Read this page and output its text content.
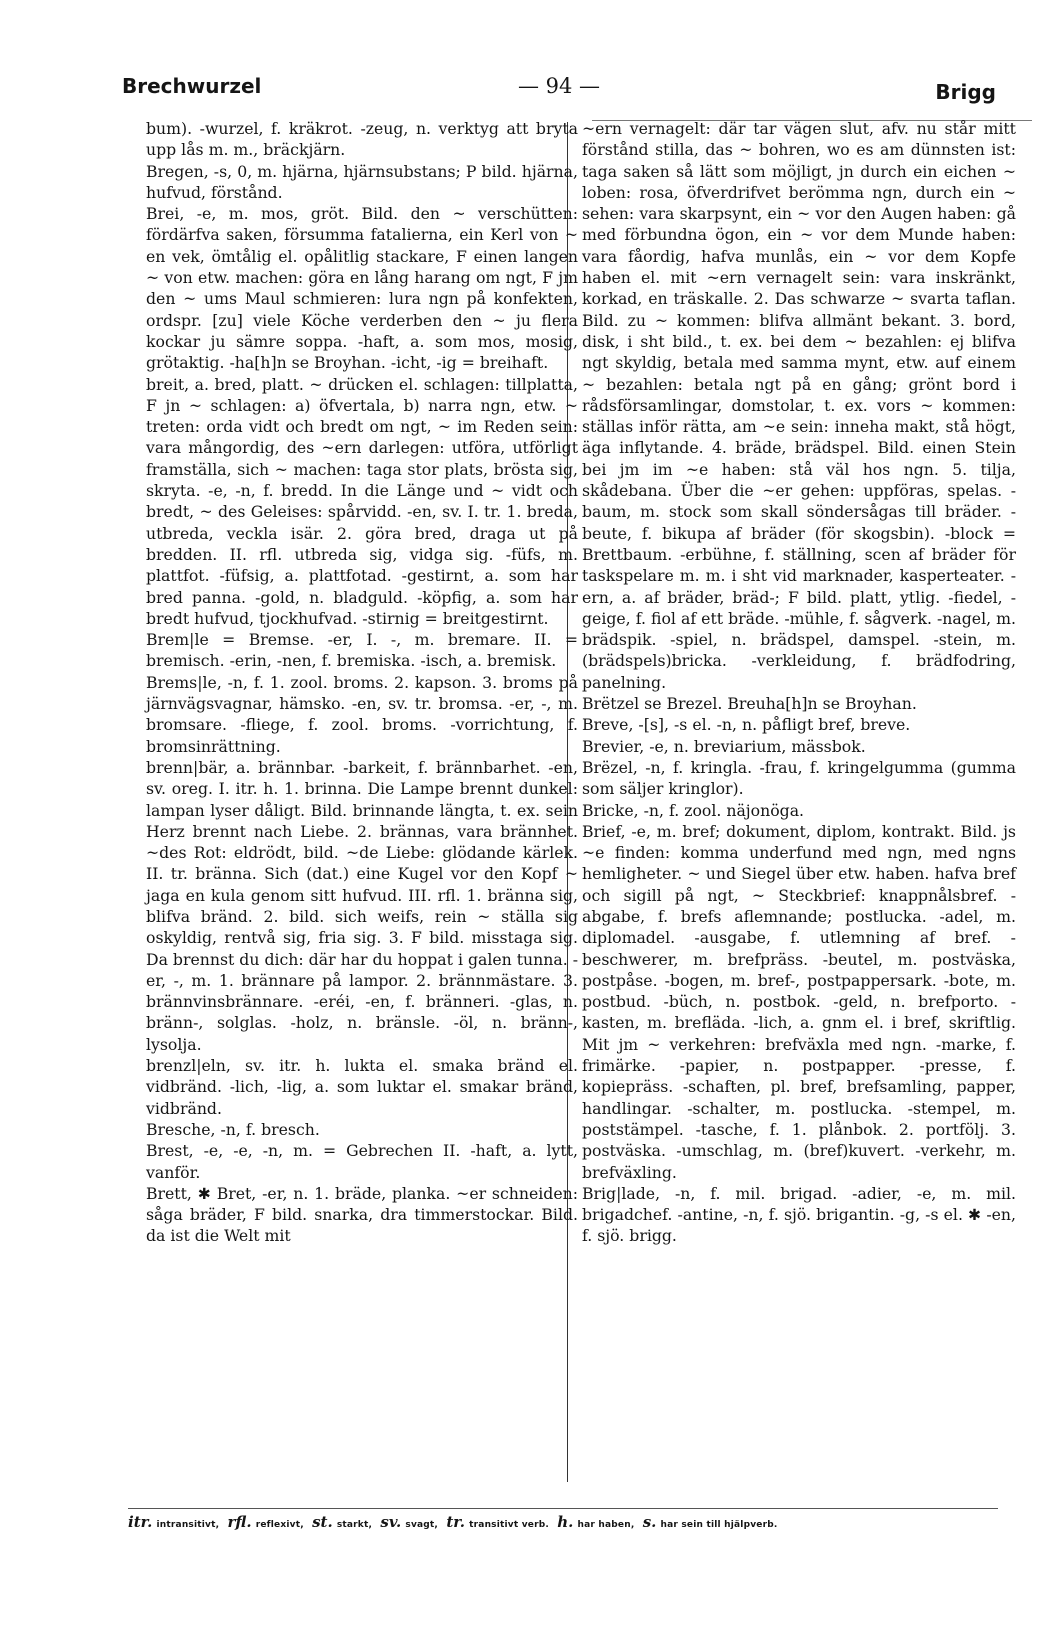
Brechwurzel	— 94 —	Brigg

bum). -wurzel, f. kräkrot. -zeug, n. verktyg att bryta upp lås m. m., bräckjärn.

Bregen, -s, 0, m. hjärna, hjärnsubstans; P bild. hjärna, hufvud, förstånd.

Brei, -e, m. mos, gröt. Bild. den ~ verschütten: fördärfva saken, försumma fatalierna, ein Kerl von ~ en vek, ömtålig el. opålitlig stackare, F einen langen ~ von etw. machen: göra en lång harang om ngt, F jm den ~ ums Maul schmieren: lura ngn på konfekten, ordspr. [zu] viele Köche verderben den ~ ju flera kockar ju sämre soppa. -haft, a. som mos, mosig, grötaktig. -ha[h]n se Broyhan. -icht, -ig = breihaft.

breit, a. bred, platt. ~ drücken el. schlagen: tillplatta, F jn ~ schlagen: a) öfvertala, b) narra ngn, etw. ~ treten: orda vidt och bredt om ngt, ~ im Reden sein: vara mångordig, des ~ern darlegen: utföra, utförligt framställa, sich ~ machen: taga stor plats, brösta sig, skryta. -e, -n, f. bredd. In die Länge und ~ vidt och bredt, ~ des Geleises: spårvidd. -en, sv. I. tr. 1. breda, utbreda, veckla isär. 2. göra bred, draga ut på bredden. II. rfl. utbreda sig, vidga sig. -füfs, m. plattfot. -füfsig, a. plattfotad. -gestirnt, a. som har bred panna. -gold, n. bladguld. -köpfig, a. som har bredt hufvud, tjockhufvad. -stirnig = breitgestirnt.

Brem|le = Bremse. -er, I. -, m. bremare. II. = bremisch. -erin, -nen, f. bremiska. -isch, a. bremisk.

Brems|le, -n, f. 1. zool. broms. 2. kapson. 3. broms på järnvägsvagnar, hämsko. -en, sv. tr. bromsa. -er, -, m. bromsare. -fliege, f. zool. broms. -vorrichtung, f. bromsinrättning.

brenn|bär, a. brännbar. -barkeit, f. brännbarhet. -en, sv. oreg. I. itr. h. 1. brinna. Die Lampe brennt dunkel: lampan lyser dåligt. Bild. brinnande längta, t. ex. sein Herz brennt nach Liebe. 2. brännas, vara brännhet. ~des Rot: eldrödt, bild. ~de Liebe: glödande kärlek. II. tr. bränna. Sich (dat.) eine Kugel vor den Kopf ~ jaga en kula genom sitt hufvud. III. rfl. 1. bränna sig, blifva bränd. 2. bild. sich weifs, rein ~ ställa sig oskyldig, rentvå sig, fria sig. 3. F bild. misstaga sig. Da brennst du dich: där har du hoppat i galen tunna. -er, -, m. 1. brännare på lampor. 2. brännmästare. 3. brännvinsbrännare. -eréi, -en, f. bränneri. -glas, n. bränn-, solglas. -holz, n. bränsle. -öl, n. bränn-, lysolja.

brenzl|eln, sv. itr. h. lukta el. smaka bränd el. vidbränd. -lich, -lig, a. som luktar el. smakar bränd, vidbränd.

Bresche, -n, f. bresch.

Brest, -e, -e, -n, m. = Gebrechen II. -haft, a. lytt, vanför.

Brett, ✱ Bret, -er, n. 1. bräde, planka. ~er schneiden: såga bräder, F bild. snarka, dra timmerstockar. Bild. da ist die Welt mit

~ern vernagelt: där tar vägen slut, afv. nu står mitt förstånd stilla, das ~ bohren, wo es am dünnsten ist: taga saken så lätt som möjligt, jn durch ein eichen ~ loben: rosa, öfverdrifvet berömma ngn, durch ein ~ sehen: vara skarpsynt, ein ~ vor den Augen haben: gå med förbundna ögon, ein ~ vor dem Munde haben: vara fåordig, hafva munlås, ein ~ vor dem Kopfe haben el. mit ~ern vernagelt sein: vara inskränkt, korkad, en träskalle. 2. Das schwarze ~ svarta taflan. Bild. zu ~ kommen: blifva allmänt bekant. 3. bord, disk, i sht bild., t. ex. bei dem ~ bezahlen: ej blifva ngt skyldig, betala med samma mynt, etw. auf einem ~ bezahlen: betala ngt på en gång; grönt bord i rådsförsamlingar, domstolar, t. ex. vors ~ kommen: ställas inför rätta, am ~e sein: inneha makt, stå högt, äga inflytande. 4. bräde, brädspel. Bild. einen Stein bei jm im ~e haben: stå väl hos ngn. 5. tilja, skådebana. Über die ~er gehen: uppföras, spelas. -baum, m. stock som skall söndersågas till bräder. -beute, f. bikupa af bräder (för skogsbin). -block = Brettbaum. -erbühne, f. ställning, scen af bräder för taskspelare m. m. i sht vid marknader, kasperteater. -ern, a. af bräder, bräd-; F bild. platt, ytlig. -fiedel, -geige, f. fiol af ett bräde. -mühle, f. sågverk. -nagel, m. brädspik. -spiel, n. brädspel, damspel. -stein, m. (brädspels)bricka. -verkleidung, f. brädfodring, panelning.

Brëtzel se Brezel. Breuha[h]n se Broyhan.

Breve, -[s], -s el. -n, n. påfligt bref, breve.

Brevier, -e, n. breviarium, mässbok.

Brëzel, -n, f. kringla. -frau, f. kringelgumma (gumma som säljer kringlor).

Bricke, -n, f. zool. näjonöga.

Brief, -e, m. bref; dokument, diplom, kontrakt. Bild. js ~e finden: komma underfund med ngn, med ngns hemligheter. ~ und Siegel über etw. haben. hafva bref och sigill på ngt, ~ Steckbrief: knappnålsbref. -abgabe, f. brefs aflemnande; postlucka. -adel, m. diplomadel. -ausgabe, f. utlemning af bref. -beschwerer, m. brefpräss. -beutel, m. postväska, postpåse. -bogen, m. bref-, postpappersark. -bote, m. postbud. -büch, n. postbok. -geld, n. brefporto. -kasten, m. brefläda. -lich, a. gnm el. i bref, skriftlig. Mit jm ~ verkehren: brefväxla med ngn. -marke, f. frimärke. -papier, n. postpapper. -presse, f. kopiepräss. -schaften, pl. bref, brefsamling, papper, handlingar. -schalter, m. postlucka. -stempel, m. poststämpel. -tasche, f. 1. plånbok. 2. portfölj. 3. postväska. -umschlag, m. (bref)kuvert. -verkehr, m. brefväxling.

Brig|lade, -n, f. mil. brigad. -adier, -e, m. mil. brigadchef. -antine, -n, f. sjö. brigantin. -g, -s el. ✱ -en, f. sjö. brigg.

itr. intransitivt, rfl. reflexivt, st. starkt, sv. svagt, tr. transitivt verb. h. har haben, s. har sein till hjälpverb.
